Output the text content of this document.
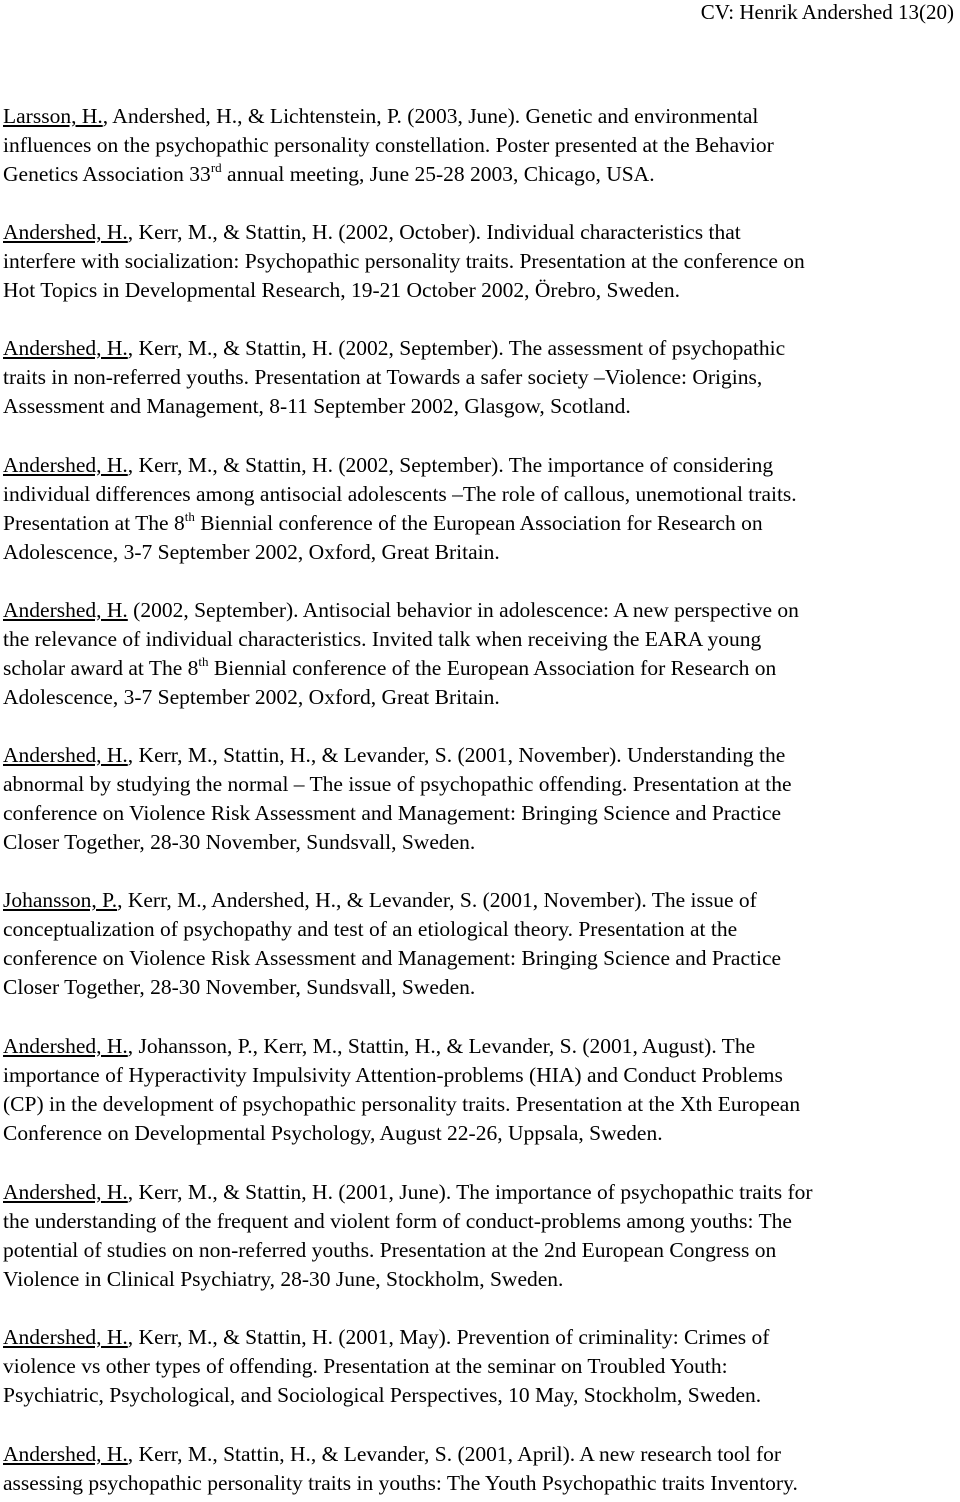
CV: Henrik Andershed 13(20)
Larsson, H., Andershed, H., & Lichtenstein, P. (2003, June). Genetic and environmental
influences on the psychopathic personality constellation. Poster presented at the Behavior
Genetics Association 33rd annual meeting, June 25-28 2003, Chicago, USA.
Andershed, H., Kerr, M., & Stattin, H. (2002, October). Individual characteristics that
interfere with socialization: Psychopathic personality traits. Presentation at the conference on
Hot Topics in Developmental Research, 19-21 October 2002, Örebro, Sweden.
Andershed, H., Kerr, M., & Stattin, H. (2002, September). The assessment of psychopathic
traits in non-referred youths. Presentation at Towards a safer society –Violence: Origins,
Assessment and Management, 8-11 September 2002, Glasgow, Scotland.
Andershed, H., Kerr, M., & Stattin, H. (2002, September). The importance of considering
individual differences among antisocial adolescents –The role of callous, unemotional traits.
Presentation at The 8th Biennial conference of the European Association for Research on
Adolescence, 3-7 September 2002, Oxford, Great Britain.
Andershed, H. (2002, September). Antisocial behavior in adolescence: A new perspective on
the relevance of individual characteristics. Invited talk when receiving the EARA young
scholar award at The 8th Biennial conference of the European Association for Research on
Adolescence, 3-7 September 2002, Oxford, Great Britain.
Andershed, H., Kerr, M., Stattin, H., & Levander, S. (2001, November). Understanding the
abnormal by studying the normal – The issue of psychopathic offending. Presentation at the
conference on Violence Risk Assessment and Management: Bringing Science and Practice
Closer Together, 28-30 November, Sundsvall, Sweden.
Johansson, P., Kerr, M., Andershed, H., & Levander, S. (2001, November). The issue of
conceptualization of psychopathy and test of an etiological theory. Presentation at the
conference on Violence Risk Assessment and Management: Bringing Science and Practice
Closer Together, 28-30 November, Sundsvall, Sweden.
Andershed, H., Johansson, P., Kerr, M., Stattin, H., & Levander, S. (2001, August). The
importance of Hyperactivity Impulsivity Attention-problems (HIA) and Conduct Problems
(CP) in the development of psychopathic personality traits. Presentation at the Xth European
Conference on Developmental Psychology, August 22-26, Uppsala, Sweden.
Andershed, H., Kerr, M., & Stattin, H. (2001, June). The importance of psychopathic traits for
the understanding of the frequent and violent form of conduct-problems among youths: The
potential of studies on non-referred youths. Presentation at the 2nd European Congress on
Violence in Clinical Psychiatry, 28-30 June, Stockholm, Sweden.
Andershed, H., Kerr, M., & Stattin, H. (2001, May). Prevention of criminality: Crimes of
violence vs other types of offending. Presentation at the seminar on Troubled Youth:
Psychiatric, Psychological, and Sociological Perspectives, 10 May, Stockholm, Sweden.
Andershed, H., Kerr, M., Stattin, H., & Levander, S. (2001, April). A new research tool for
assessing psychopathic personality traits in youths: The Youth Psychopathic traits Inventory.
